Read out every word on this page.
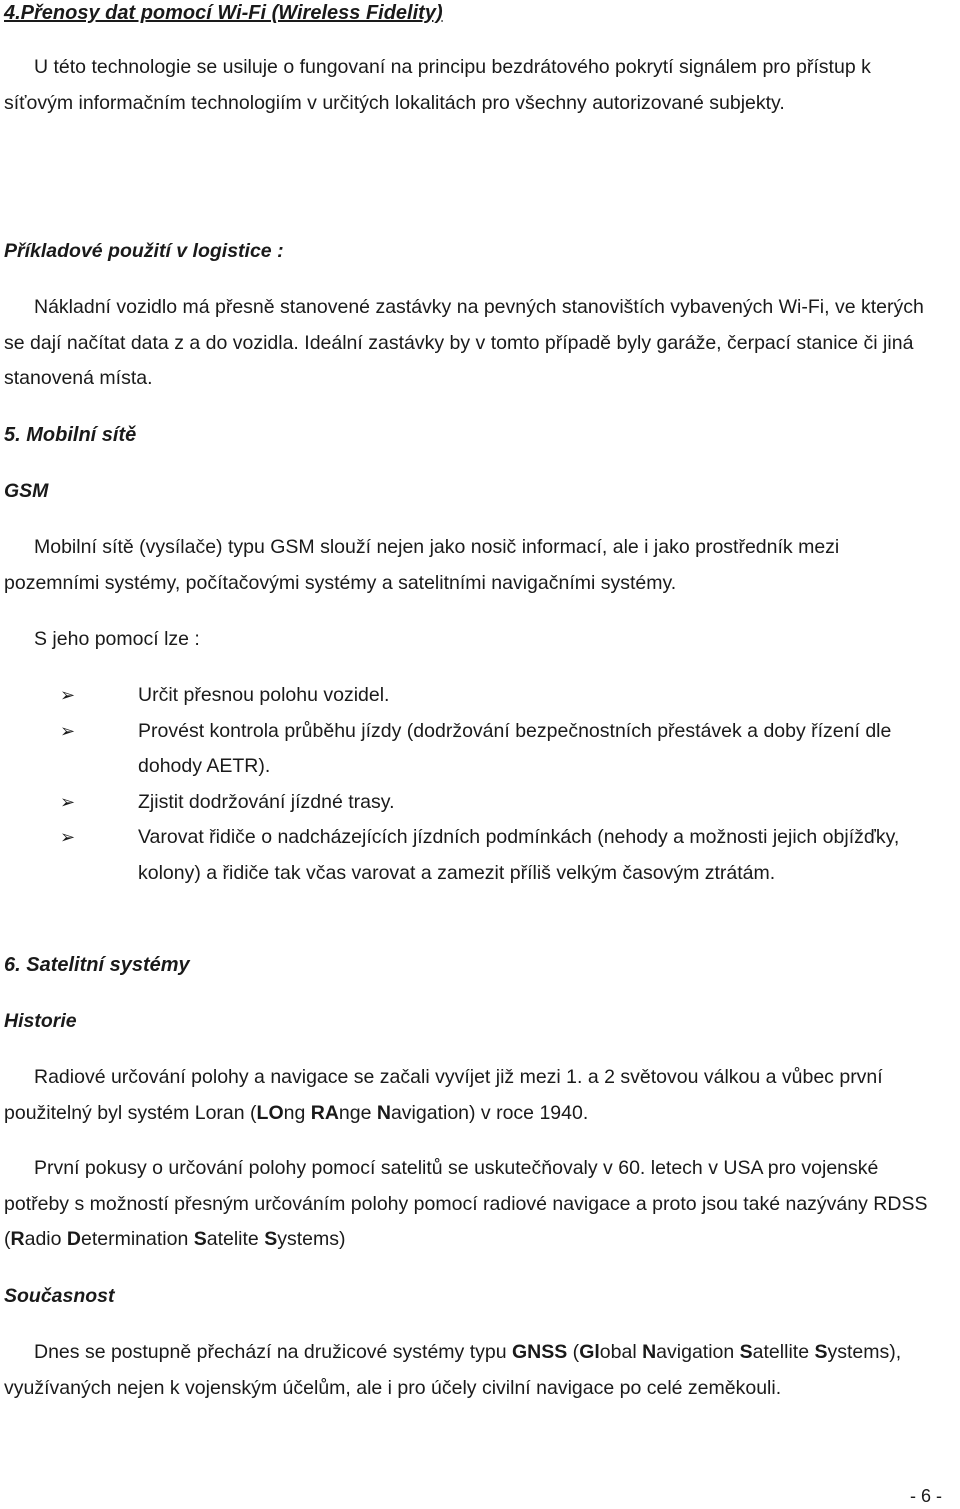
4.Přenosy dat pomocí Wi-Fi (Wireless Fidelity)

U této technologie se usiluje o fungovaní na principu bezdrátového pokrytí signálem pro přístup k síťovým informačním technologiím v určitých lokalitách pro všechny autorizované subjekty.

Příkladové použití v logistice :

Nákladní vozidlo má přesně stanovené zastávky na pevných stanovištích vybavených Wi-Fi, ve kterých se dají načítat data z a do vozidla. Ideální zastávky by v tomto případě byly garáže, čerpací stanice či jiná stanovená místa.

5. Mobilní sítě

GSM

Mobilní sítě (vysílače) typu GSM slouží nejen jako nosič informací, ale i jako prostředník mezi pozemními systémy, počítačovými systémy a satelitními navigačními systémy.

S jeho pomocí lze :

➢	Určit přesnou polohu vozidel.
➢	Provést kontrola průběhu jízdy (dodržování bezpečnostních přestávek a doby řízení dle dohody AETR).
➢	Zjistit dodržování jízdné trasy.
➢	Varovat řidiče o nadcházejících jízdních podmínkách (nehody a možnosti jejich objížďky, kolony) a řidiče tak včas varovat a zamezit příliš velkým časovým ztrátám.
6. Satelitní systémy

Historie

Radiové určování polohy a navigace se začali vyvíjet již mezi 1. a 2 světovou válkou a vůbec první použitelný byl systém Loran (LOng RAnge Navigation) v roce 1940.

První pokusy o určování polohy pomocí satelitů se uskutečňovaly v 60. letech v USA pro vojenské potřeby s možností přesným určováním polohy pomocí radiové navigace a proto jsou také nazývány RDSS (Radio Determination Satelite Systems)

Současnost

Dnes se postupně přechází na družicové systémy typu GNSS (Global Navigation Satellite Systems), využívaných nejen k vojenským účelům, ale i pro účely civilní navigace po celé zeměkouli.

- 6 -
